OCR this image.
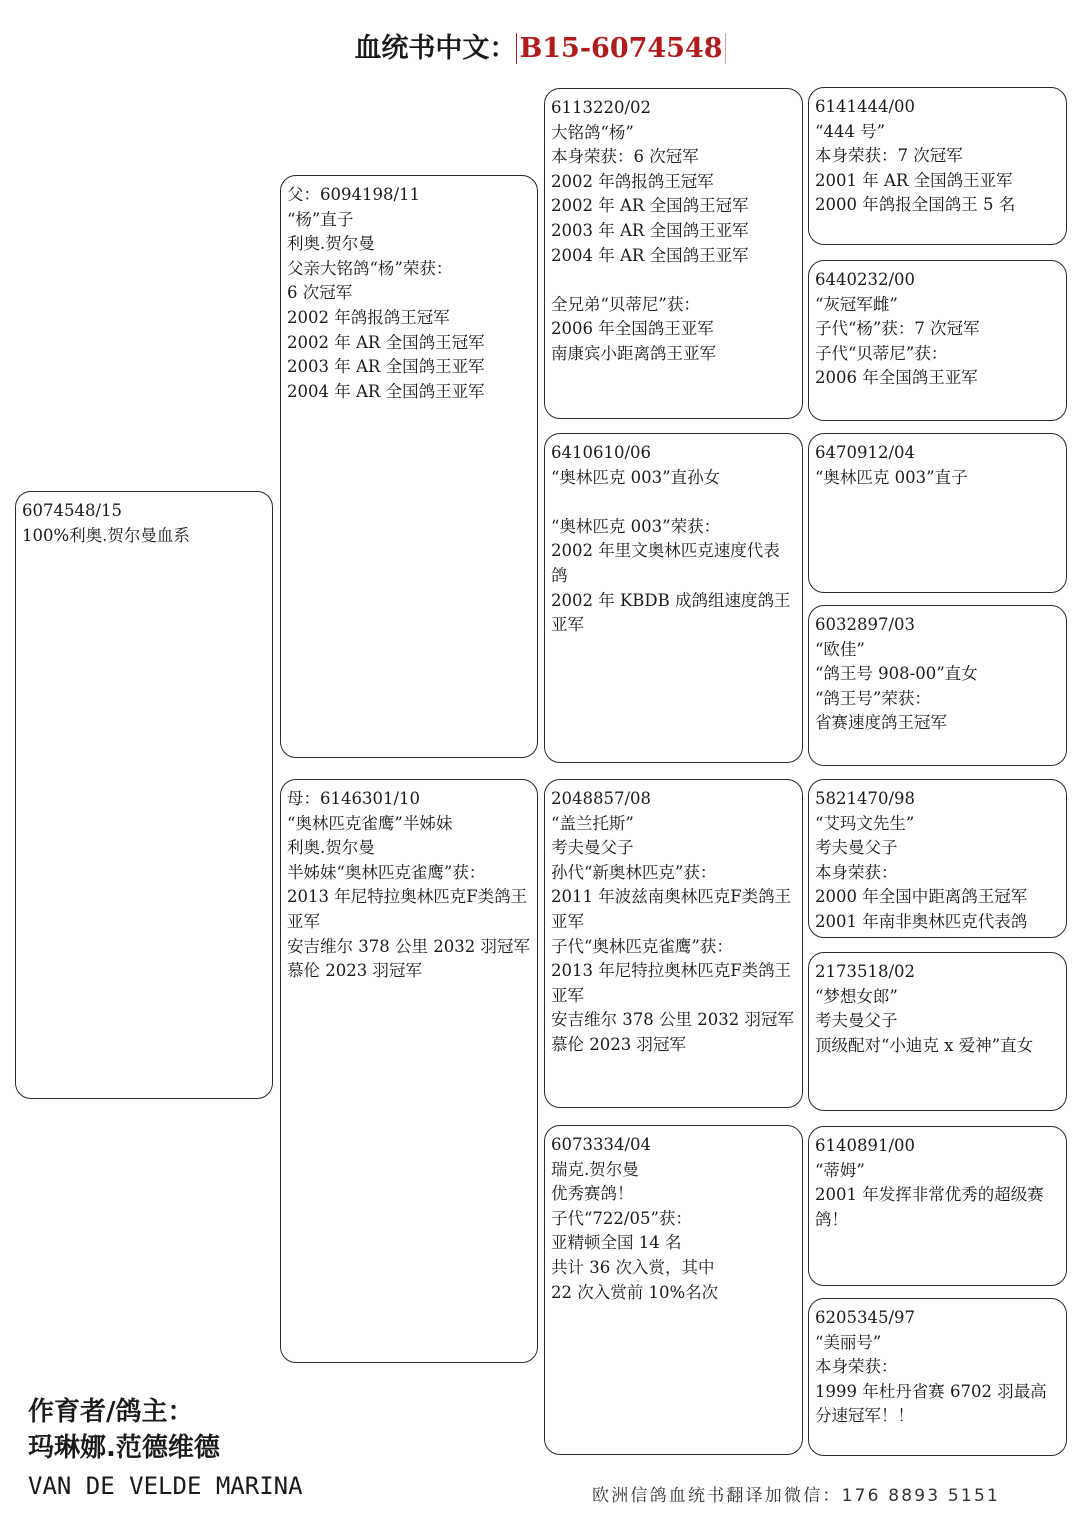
血统书中文： B15-6074548
6074548/15
100%利奥.贺尔曼血系
父：6094198/11
“杨”直子
利奥.贺尔曼
父亲大铭鸽“杨”荣获：
6 次冠军
2002 年鸽报鸽王冠军
2002 年 AR 全国鸽王冠军
2003 年 AR 全国鸽王亚军
2004 年 AR 全国鸽王亚军
母：6146301/10
“奥林匹克雀鹰”半姊妹
利奥.贺尔曼
半姊妹“奥林匹克雀鹰”获：
2013 年尼特拉奥林匹克F类鸽王亚军
安吉维尔 378 公里 2032 羽冠军
慕伦 2023 羽冠军
6113220/02
大铭鸽“杨”
本身荣获：6 次冠军
2002 年鸽报鸽王冠军
2002 年 AR 全国鸽王冠军
2003 年 AR 全国鸽王亚军
2004 年 AR 全国鸽王亚军
全兄弟“贝蒂尼”获：
2006 年全国鸽王亚军
南康宾小距离鸽王亚军
6410610/06
“奥林匹克 003”直孙女
“奥林匹克 003”荣获：
2002 年里文奥林匹克速度代表鸽
2002 年 KBDB 成鸽组速度鸽王亚军
2048857/08
“盖兰托斯”
考夫曼父子
孙代“新奥林匹克”获：
2011 年波兹南奥林匹克F类鸽王亚军
子代“奥林匹克雀鹰”获：
2013 年尼特拉奥林匹克F类鸽王亚军
安吉维尔 378 公里 2032 羽冠军
慕伦 2023 羽冠军
6073334/04
瑞克.贺尔曼
优秀赛鸽！
子代“722/05”获：
亚精顿全国 14 名
共计 36 次入赏，其中
22 次入赏前 10%名次
6141444/00
“444 号”
本身荣获：7 次冠军
2001 年 AR 全国鸽王亚军
2000 年鸽报全国鸽王 5 名
6440232/00
“灰冠军雌”
子代“杨”获：7 次冠军
子代“贝蒂尼”获：
2006 年全国鸽王亚军
6470912/04
“奥林匹克 003”直子
6032897/03
“欧佳”
“鸽王号 908-00”直女
“鸽王号”荣获：
省赛速度鸽王冠军
5821470/98
“艾玛文先生”
考夫曼父子
本身荣获：
2000 年全国中距离鸽王冠军
2001 年南非奥林匹克代表鸽
2173518/02
“梦想女郎”
考夫曼父子
顶级配对“小迪克 x 爱神”直女
6140891/00
“蒂姆”
2001 年发挥非常优秀的超级赛鸽！
6205345/97
“美丽号”
本身荣获：
1999 年杜丹省赛 6702 羽最高分速冠军！！
作育者/鸽主：
玛琳娜.范德维德
VAN DE VELDE MARINA	欧洲信鸽血统书翻译加微信：176 8893 5151
